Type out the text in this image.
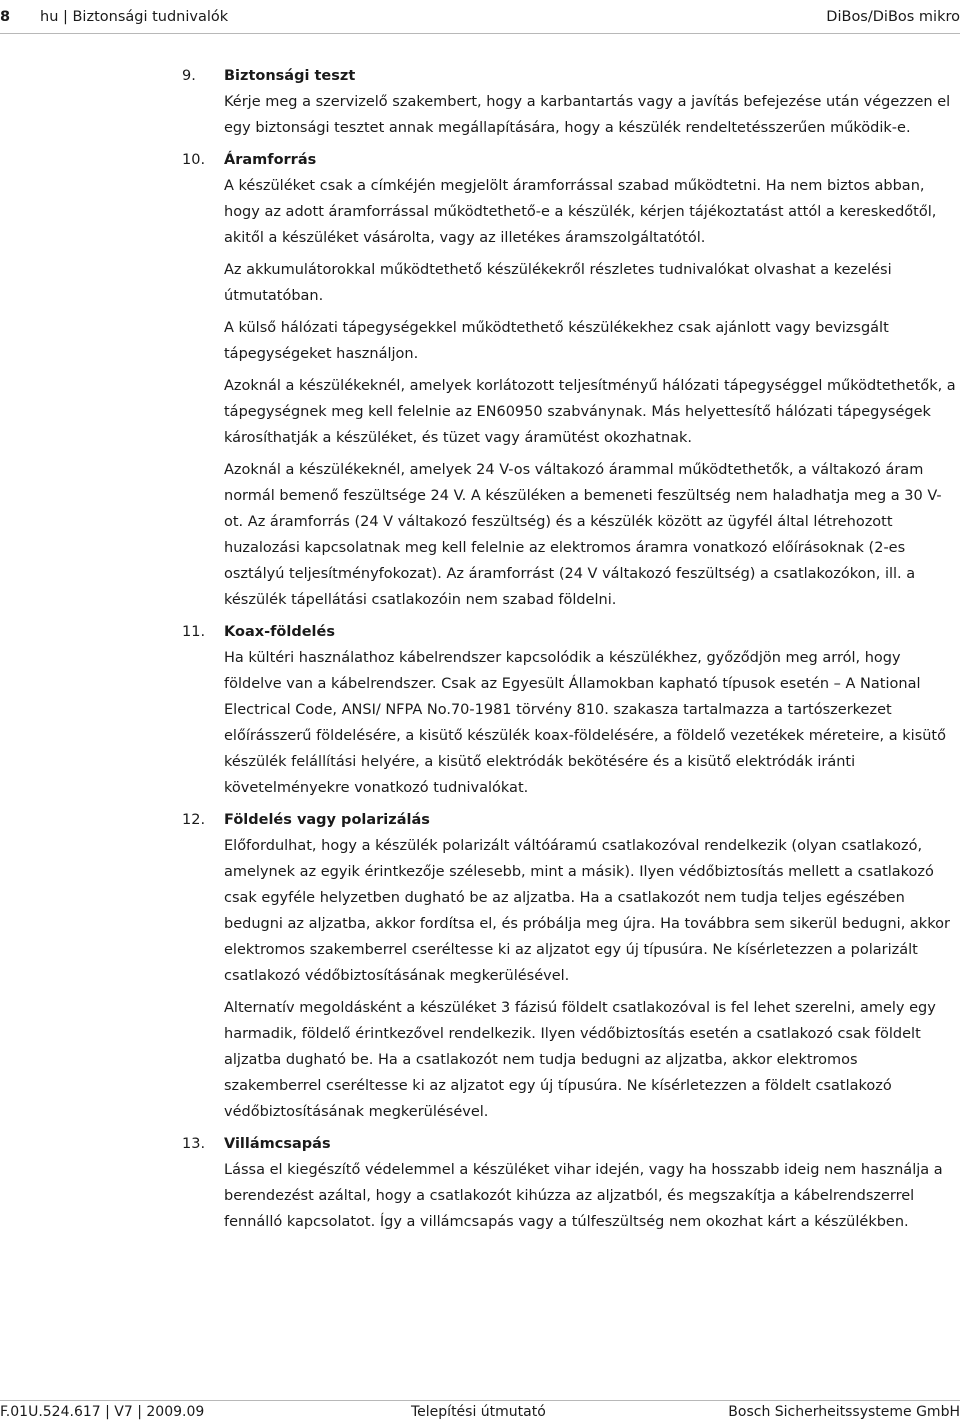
8 hu | Biztonsági tudnivalók	DiBos/DiBos mikro
9. Biztonsági teszt

Kérje meg a szervizelő szakembert, hogy a karbantartás vagy a javítás befejezése után végezzen el egy biztonsági tesztet annak megállapítására, hogy a készülék rendeltetésszerűen működik-e.

10. Áramforrás

A készüléket csak a címkéjén megjelölt áramforrással szabad működtetni. Ha nem biztos abban, hogy az adott áramforrással működtethető-e a készülék, kérjen tájékoztatást attól a kereskedőtől, akitől a készüléket vásárolta, vagy az illetékes áramszolgáltatótól.

Az akkumulátorokkal működtethető készülékekről részletes tudnivalókat olvashat a kezelési útmutatóban.

A külső hálózati tápegységekkel működtethető készülékekhez csak ajánlott vagy bevizsgált tápegységeket használjon.

Azoknál a készülékeknél, amelyek korlátozott teljesítményű hálózati tápegységgel működtethetők, a tápegységnek meg kell felelnie az EN60950 szabványnak. Más helyettesítő hálózati tápegységek károsíthatják a készüléket, és tüzet vagy áramütést okozhatnak.

Azoknál a készülékeknél, amelyek 24 V-os váltakozó árammal működtethetők, a váltakozó áram normál bemenő feszültsége 24 V. A készüléken a bemeneti feszültség nem haladhatja meg a 30 V-ot. Az áramforrás (24 V váltakozó feszültség) és a készülék között az ügyfél által létrehozott huzalozási kapcsolatnak meg kell felelnie az elektromos áramra vonatkozó előírásoknak (2-es osztályú teljesítményfokozat). Az áramforrást (24 V váltakozó feszültség) a csatlakozókon, ill. a készülék tápellátási csatlakozóin nem szabad földelni.

11. Koax-földelés

Ha kültéri használathoz kábelrendszer kapcsolódik a készülékhez, győződjön meg arról, hogy földelve van a kábelrendszer. Csak az Egyesült Államokban kapható típusok esetén – A National Electrical Code, ANSI/ NFPA No.70-1981 törvény 810. szakasza tartalmazza a tartószerkezet előírásszerű földelésére, a kisütő készülék koax-földelésére, a földelő vezetékek méreteire, a kisütő készülék felállítási helyére, a kisütő elektródák bekötésére és a kisütő elektródák iránti követelményekre vonatkozó tudnivalókat.

12. Földelés vagy polarizálás

Előfordulhat, hogy a készülék polarizált váltóáramú csatlakozóval rendelkezik (olyan csatlakozó, amelynek az egyik érintkezője szélesebb, mint a másik). Ilyen védőbiztosítás mellett a csatlakozó csak egyféle helyzetben dugható be az aljzatba. Ha a csatlakozót nem tudja teljes egészében bedugni az aljzatba, akkor fordítsa el, és próbálja meg újra. Ha továbbra sem sikerül bedugni, akkor elektromos szakemberrel cseréltesse ki az aljzatot egy új típusúra. Ne kísérletezzen a polarizált csatlakozó védőbiztosításának megkerülésével.

Alternatív megoldásként a készüléket 3 fázisú földelt csatlakozóval is fel lehet szerelni, amely egy harmadik, földelő érintkezővel rendelkezik. Ilyen védőbiztosítás esetén a csatlakozó csak földelt aljzatba dugható be. Ha a csatlakozót nem tudja bedugni az aljzatba, akkor elektromos szakemberrel cseréltesse ki az aljzatot egy új típusúra. Ne kísérletezzen a földelt csatlakozó védőbiztosításának megkerülésével.

13. Villámcsapás

Lássa el kiegészítő védelemmel a készüléket vihar idején, vagy ha hosszabb ideig nem használja a berendezést azáltal, hogy a csatlakozót kihúzza az aljzatból, és megszakítja a kábelrendszerrel fennálló kapcsolatot. Így a villámcsapás vagy a túlfeszültség nem okozhat kárt a készülékben.

F.01U.524.617 | V7 | 2009.09	Telepítési útmutató	Bosch Sicherheitssysteme GmbH
